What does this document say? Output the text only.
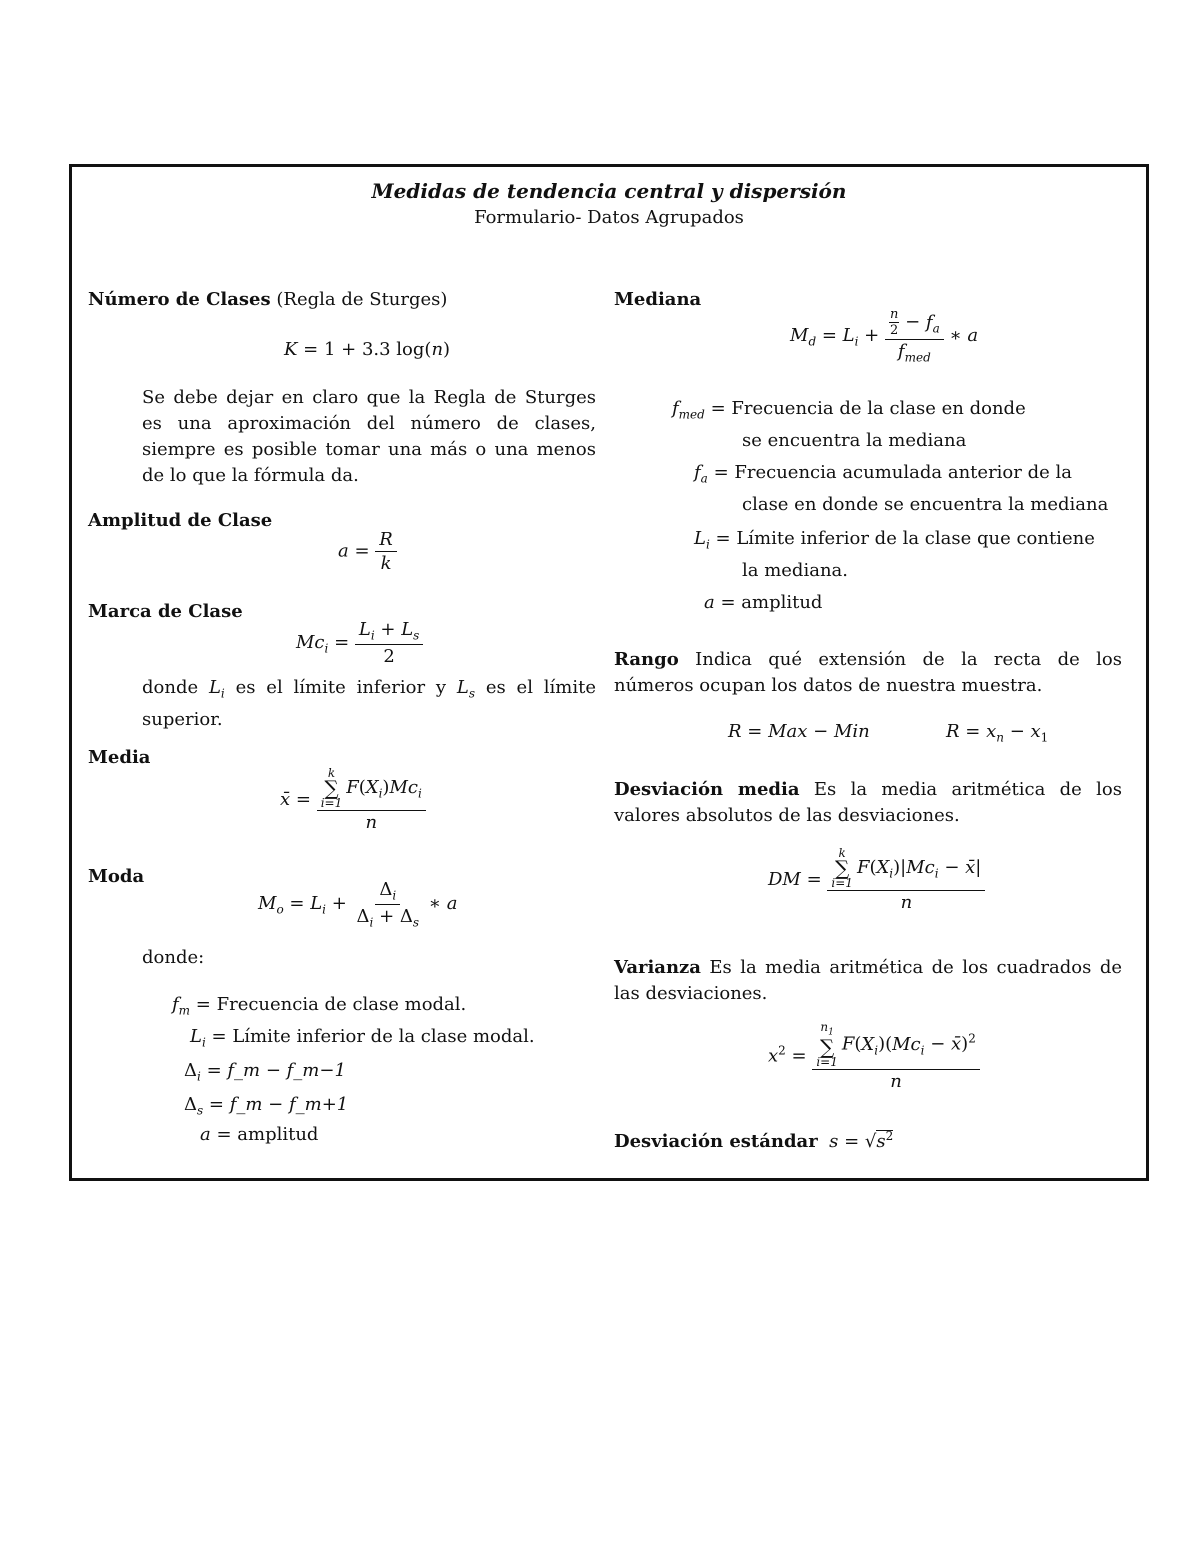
Medidas de tendencia central y dispersión
Formulario- Datos Agrupados
Número de Clases (Regla de Sturges)
K = 1 + 3.3 log(n)
Se debe dejar en claro que la Regla de Sturges es una aproximación del número de clases, siempre es posible tomar una más o una menos de lo que la fórmula da.
Amplitud de Clase
$a = \frac{R}{k}$
Marca de Clase
$Mc_i = \frac{L_i + L_s}{2}$
donde $L_i$ es el límite inferior y $L_s$ es el límite superior.
Media
x̄ = k
∑
i=1
$F(X_i)Mc_i$
n
Moda
$M_o = L_i + \frac{\Delta_i}{\Delta_i + \Delta_s}$ ∗ a
donde:
$f_m$ = Frecuencia de clase modal.
$L_i$ = Límite inferior de la clase modal.
$\Delta_i$ = f_m − f_m−1
$\Delta_s$ = f_m − f_m+1
a = amplitud
Mediana
$M_d = L_i + \frac{\frac{n}{2} - f_a}{f_{med}}$ ∗ a
$f_{med}$ = Frecuencia de la clase en donde
se encuentra la mediana
$f_a$ = Frecuencia acumulada anterior de la
clase en donde se encuentra la mediana
$L_i$ = Límite inferior de la clase que contiene
la mediana.
a = amplitud
Rango Indica qué extensión de la recta de los números ocupan los datos de nuestra muestra.
R = Max − Min	$R = x_n - x_1$
Desviación media Es la media aritmética de los valores absolutos de las desviaciones.
DM = k
∑
i=1
$F(X_i)|Mc_i$ − x̄|
n
Varianza Es la media aritmética de los cuadrados de las desviaciones.
$x^2 = n_1$
∑
i=1
$F(X_i)(Mc_i$ − x̄)$^2$
n
Desviación estándar $s = √s^2$
